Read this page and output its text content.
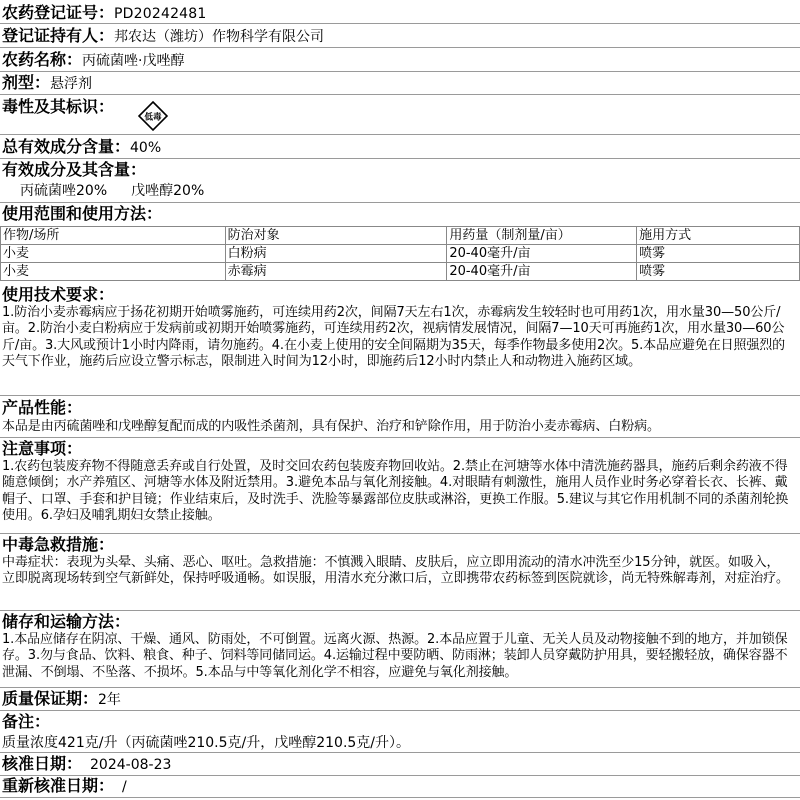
农药登记证号：PD20242481
登记证持有人：邦农达（潍坊）作物科学有限公司
农药名称：丙硫菌唑·戊唑醇
剂型：悬浮剂
毒性及其标识：
低毒
总有效成分含量：40%
有效成分及其含量：
丙硫菌唑20% 戊唑醇20%
使用范围和使用方法：
作物/场所	防治对象	用药量（制剂量/亩）	施用方式
小麦	白粉病	20-40毫升/亩	喷雾
小麦	赤霉病	20-40毫升/亩	喷雾
使用技术要求：
1.防治小麦赤霉病应于扬花初期开始喷雾施药，可连续用药2次，间隔7天左右1次，赤霉病发生较轻时也可用药1次，用水量30—50公斤/亩。2.防治小麦白粉病应于发病前或初期开始喷雾施药，可连续用药2次，视病情发展情况，间隔7—10天可再施药1次，用水量30—60公斤/亩。3.大风或预计1小时内降雨，请勿施药。4.在小麦上使用的安全间隔期为35天，每季作物最多使用2次。5.本品应避免在日照强烈的天气下作业，施药后应设立警示标志，限制进入时间为12小时，即施药后12小时内禁止人和动物进入施药区域。
产品性能：
本品是由丙硫菌唑和戊唑醇复配而成的内吸性杀菌剂，具有保护、治疗和铲除作用，用于防治小麦赤霉病、白粉病。
注意事项：
1.农药包装废弃物不得随意丢弃或自行处置，及时交回农药包装废弃物回收站。2.禁止在河塘等水体中清洗施药器具，施药后剩余药液不得随意倾倒；水产养殖区、河塘等水体及附近禁用。3.避免本品与氧化剂接触。4.对眼睛有刺激性，施用人员作业时务必穿着长衣、长裤、戴帽子、口罩、手套和护目镜；作业结束后，及时洗手、洗脸等暴露部位皮肤或淋浴，更换工作服。5.建议与其它作用机制不同的杀菌剂轮换使用。6.孕妇及哺乳期妇女禁止接触。
中毒急救措施：
中毒症状：表现为头晕、头痛、恶心、呕吐。急救措施：不慎溅入眼睛、皮肤后，应立即用流动的清水冲洗至少15分钟，就医。如吸入，立即脱离现场转到空气新鲜处，保持呼吸通畅。如误服，用清水充分漱口后，立即携带农药标签到医院就诊，尚无特殊解毒剂，对症治疗。
储存和运输方法：
1.本品应储存在阴凉、干燥、通风、防雨处，不可倒置。远离火源、热源。2.本品应置于儿童、无关人员及动物接触不到的地方，并加锁保存。3.勿与食品、饮料、粮食、种子、饲料等同储同运。4.运输过程中要防晒、防雨淋；装卸人员穿戴防护用具，要轻搬轻放，确保容器不泄漏、不倒塌、不坠落、不损坏。5.本品与中等氧化剂化学不相容，应避免与氧化剂接触。
质量保证期：2年
备注：
质量浓度421克/升（丙硫菌唑210.5克/升，戊唑醇210.5克/升）。
核准日期： 2024-08-23
重新核准日期： /
